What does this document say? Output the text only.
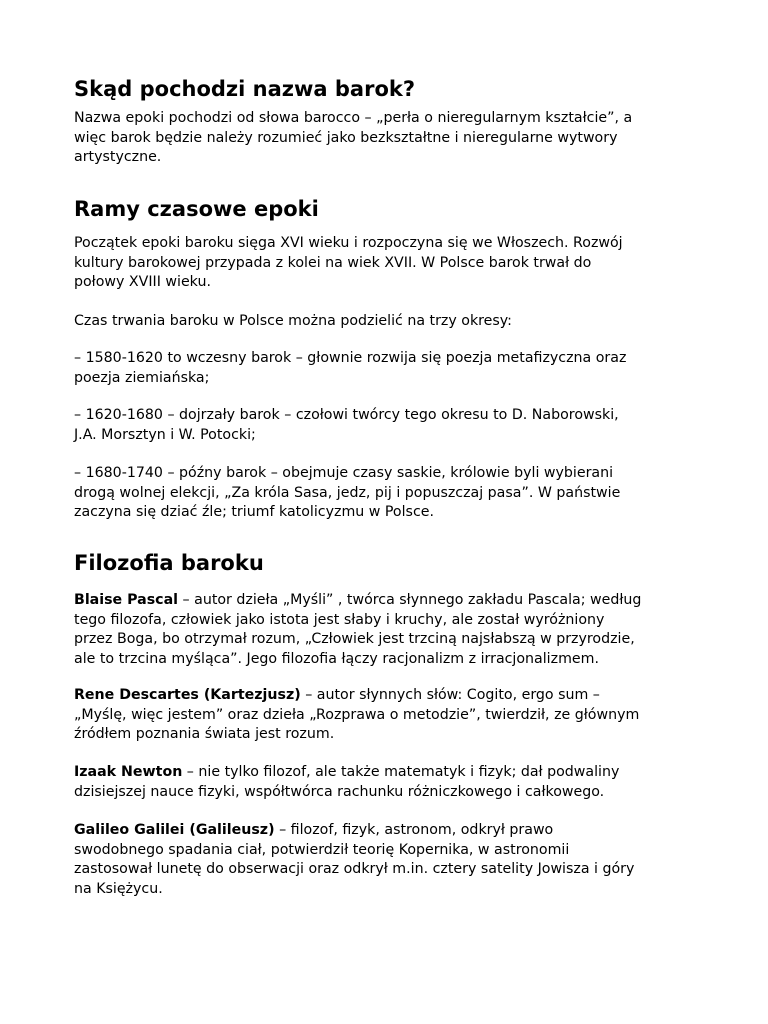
Skąd pochodzi nazwa barok?

Nazwa epoki pochodzi od słowa barocco – „perła o nieregularnym kształcie”, a
więc barok będzie należy rozumieć jako bezkształtne i nieregularne wytwory
artystyczne.

Ramy czasowe epoki

Początek epoki baroku sięga XVI wieku i rozpoczyna się we Włoszech. Rozwój
kultury barokowej przypada z kolei na wiek XVII. W Polsce barok trwał do
połowy XVIII wieku.

Czas trwania baroku w Polsce można podzielić na trzy okresy:

– 1580-1620 to wczesny barok – głownie rozwija się poezja metafizyczna oraz
poezja ziemiańska;

– 1620-1680 – dojrzały barok – czołowi twórcy tego okresu to D. Naborowski,
J.A. Morsztyn i W. Potocki;

– 1680-1740 – późny barok – obejmuje czasy saskie, królowie byli wybierani
drogą wolnej elekcji, „Za króla Sasa, jedz, pij i popuszczaj pasa”. W państwie
zaczyna się dziać źle; triumf katolicyzmu w Polsce.

Filozofia baroku

Blaise Pascal – autor dzieła „Myśli” , twórca słynnego zakładu Pascala; według
tego filozofa, człowiek jako istota jest słaby i kruchy, ale został wyróżniony
przez Boga, bo otrzymał rozum, „Człowiek jest trzciną najsłabszą w przyrodzie,
ale to trzcina myśląca”. Jego filozofia łączy racjonalizm z irracjonalizmem.

Rene Descartes (Kartezjusz) – autor słynnych słów: Cogito, ergo sum –
„Myślę, więc jestem” oraz dzieła „Rozprawa o metodzie”, twierdził, ze głównym
źródłem poznania świata jest rozum.

Izaak Newton – nie tylko filozof, ale także matematyk i fizyk; dał podwaliny
dzisiejszej nauce fizyki, współtwórca rachunku różniczkowego i całkowego.

Galileo Galilei (Galileusz) – filozof, fizyk, astronom, odkrył prawo
swodobnego spadania ciał, potwierdził teorię Kopernika, w astronomii
zastosował lunetę do obserwacji oraz odkrył m.in. cztery satelity Jowisza i góry
na Księżycu.
